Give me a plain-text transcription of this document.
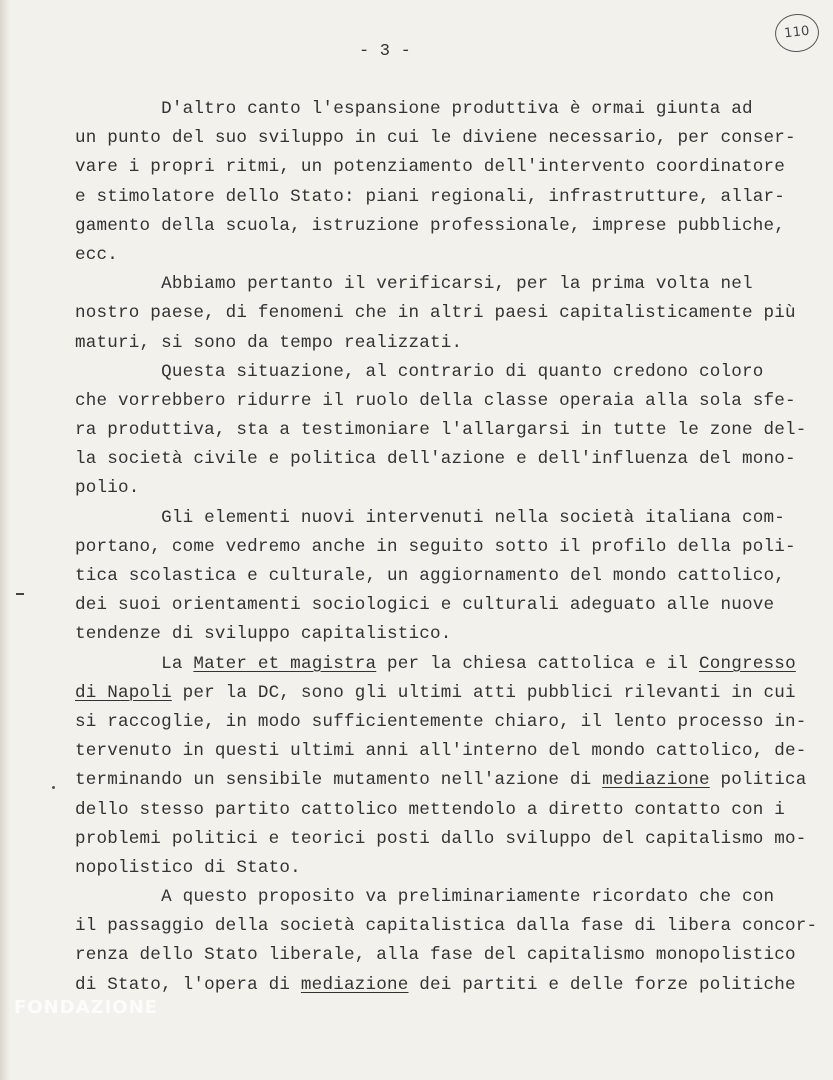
110
- 3 -
D'altro canto l'espansione produttiva è ormai giunta ad
un punto del suo sviluppo in cui le diviene necessario, per conser-
vare i propri ritmi, un potenziamento dell'intervento coordinatore
e stimolatore dello Stato: piani regionali, infrastrutture, allar-
gamento della scuola, istruzione professionale, imprese pubbliche,
ecc.
Abbiamo pertanto il verificarsi, per la prima volta nel
nostro paese, di fenomeni che in altri paesi capitalisticamente più
maturi, si sono da tempo realizzati.
Questa situazione, al contrario di quanto credono coloro
che vorrebbero ridurre il ruolo della classe operaia alla sola sfe-
ra produttiva, sta a testimoniare l'allargarsi in tutte le zone del-
la società civile e politica dell'azione e dell'influenza del mono-
polio.
Gli elementi nuovi intervenuti nella società italiana com-
portano, come vedremo anche in seguito sotto il profilo della poli-
tica scolastica e culturale, un aggiornamento del mondo cattolico,
dei suoi orientamenti sociologici e culturali adeguato alle nuove
tendenze di sviluppo capitalistico.
La Mater et magistra per la chiesa cattolica e il Congresso
di Napoli per la DC, sono gli ultimi atti pubblici rilevanti in cui
si raccoglie, in modo sufficientemente chiaro, il lento processo in-
tervenuto in questi ultimi anni all'interno del mondo cattolico, de-
terminando un sensibile mutamento nell'azione di mediazione politica
dello stesso partito cattolico mettendolo a diretto contatto con i
problemi politici e teorici posti dallo sviluppo del capitalismo mo-
nopolistico di Stato.
A questo proposito va preliminariamente ricordato che con
il passaggio della società capitalistica dalla fase di libera concor-
renza dello Stato liberale, alla fase del capitalismo monopolistico
di Stato, l'opera di mediazione dei partiti e delle forze politiche
FONDAZIONE
